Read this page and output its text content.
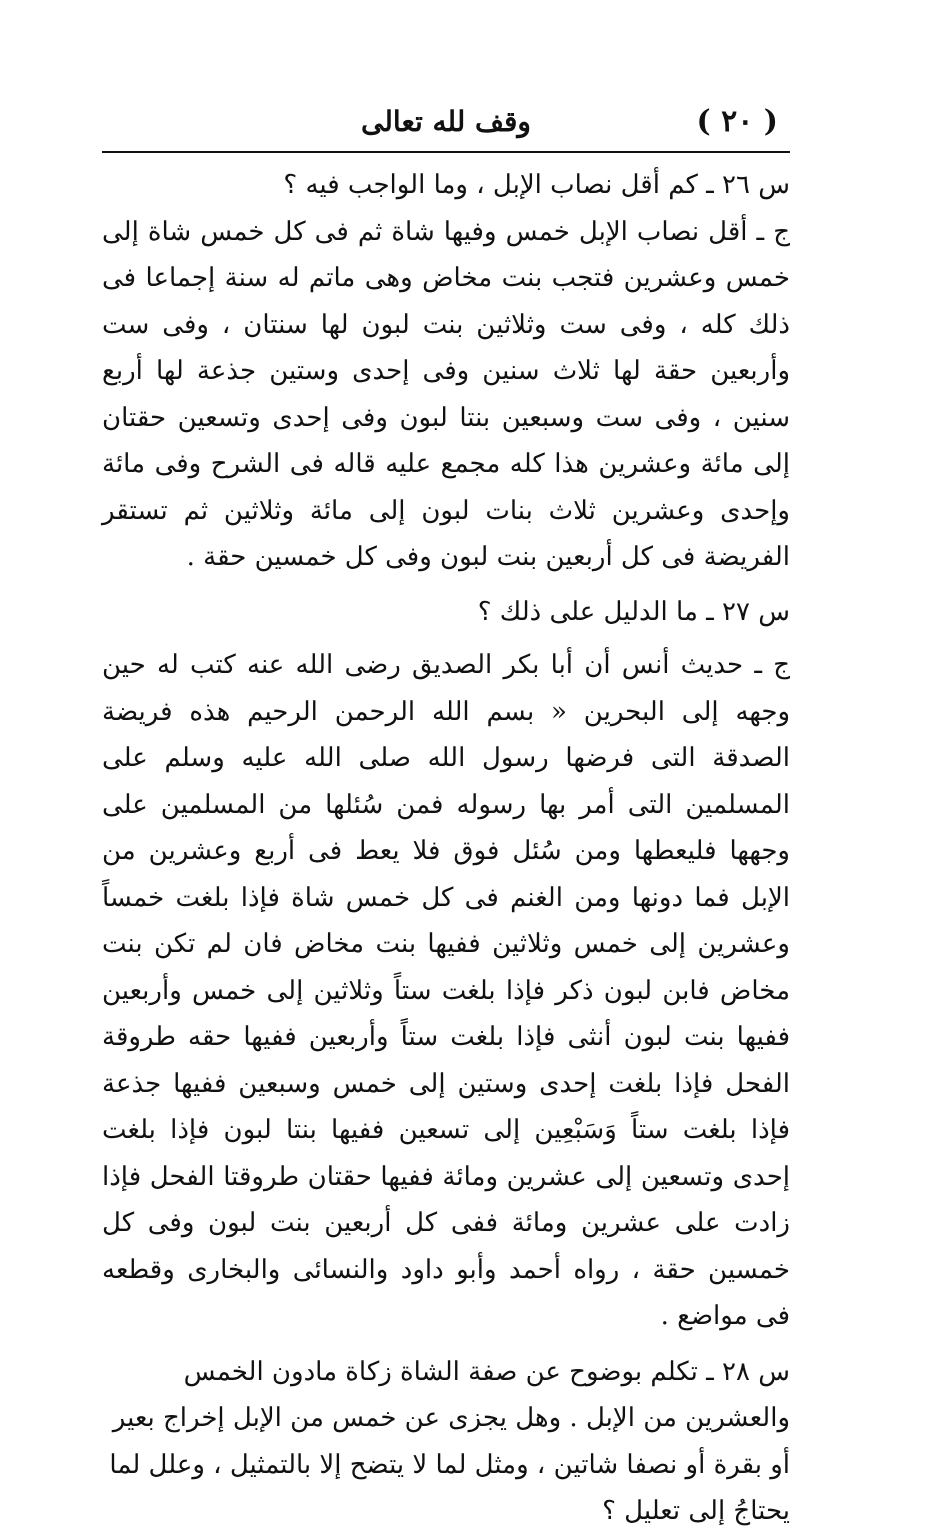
( ٢٠ )
وقف لله تعالى

س ٢٦ ـ كم أقل نصاب الإبل ، وما الواجب فيه ؟

ج ـ أقل نصاب الإبل خمس وفيها شاة ثم فى كل خمس شاة إلى خمس وعشرين فتجب بنت مخاض وهى ماتم له سنة إجماعا فى ذلك كله ، وفى ست وثلاثين بنت لبون لها سنتان ، وفى ست وأربعين حقة لها ثلاث سنين وفى إحدى وستين جذعة لها أربع سنين ، وفى ست وسبعين بنتا لبون وفى إحدى وتسعين حقتان إلى مائة وعشرين هذا كله مجمع عليه قاله فى الشرح وفى مائة وإحدى وعشرين ثلاث بنات لبون إلى مائة وثلاثين ثم تستقر الفريضة فى كل أربعين بنت لبون وفى كل خمسين حقة .

س ٢٧ ـ ما الدليل على ذلك ؟

ج ـ حديث أنس أن أبا بكر الصديق رضى الله عنه كتب له حين وجهه إلى البحرين « بسم الله الرحمن الرحيم هذه فريضة الصدقة التى فرضها رسول الله صلى الله عليه وسلم على المسلمين التى أمر بها رسوله فمن سُئلها من المسلمين على وجهها فليعطها ومن سُئل فوق فلا يعط فى أربع وعشرين من الإبل فما دونها ومن الغنم فى كل خمس شاة فإذا بلغت خمساً وعشرين إلى خمس وثلاثين ففيها بنت مخاض فان لم تكن بنت مخاض فابن لبون ذكر فإذا بلغت ستاً وثلاثين إلى خمس وأربعين ففيها بنت لبون أنثى فإذا بلغت ستاً وأربعين ففيها حقه طروقة الفحل فإذا بلغت إحدى وستين إلى خمس وسبعين ففيها جذعة فإذا بلغت ستاً وَسَبْعِين إلى تسعين ففيها بنتا لبون فإذا بلغت إحدى وتسعين إلى عشرين ومائة ففيها حقتان طروقتا الفحل فإذا زادت على عشرين ومائة ففى كل أربعين بنت لبون وفى كل خمسين حقة ، رواه أحمد وأبو داود والنسائى والبخارى وقطعه فى مواضع .

س ٢٨ ـ تكلم بوضوح عن صفة الشاة زكاة مادون الخمس والعشرين من الإبل . وهل يجزى عن خمس من الإبل إخراج بعير أو بقرة أو نصفا شاتين ، ومثل لما لا يتضح إلا بالتمثيل ، وعلل لما يحتاجُ إلى تعليل ؟
